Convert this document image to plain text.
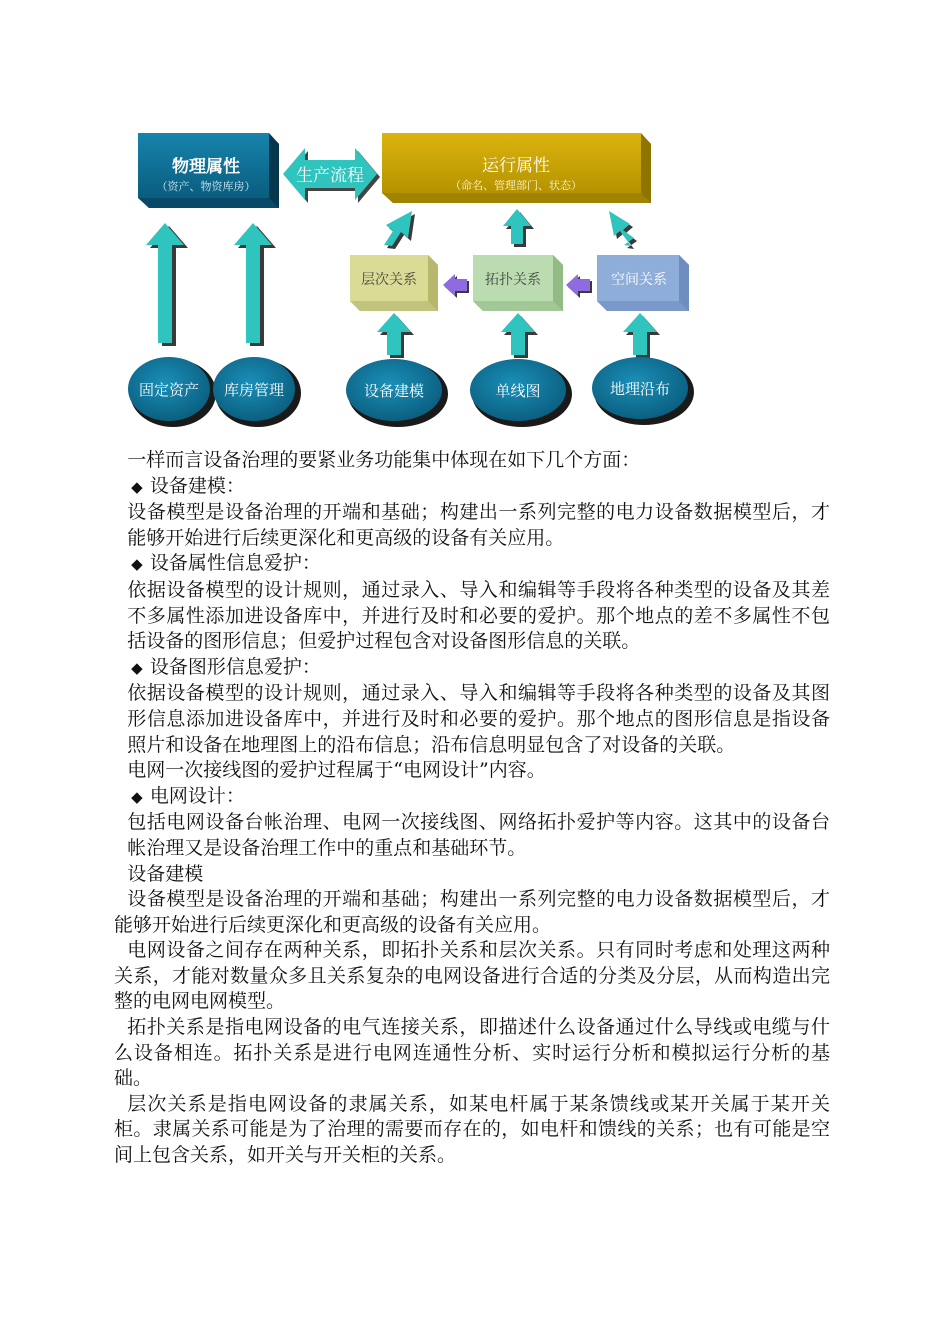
物理属性
（资产、物资库房）
生产流程	运行属性
（命名、管理部门、状态）
层次关系	拓扑关系	空间关系
固定资产 库房管理	设备建模	单线图	地理沿布

一样而言设备治理的要紧业务功能集中体现在如下几个方面：

◆ 设备建模：

设备模型是设备治理的开端和基础；构建出一系列完整的电力设备数据模型后，才能够开始进行后续更深化和更高级的设备有关应用。

◆ 设备属性信息爱护：

依据设备模型的设计规则，通过录入、导入和编辑等手段将各种类型的设备及其差不多属性添加进设备库中，并进行及时和必要的爱护。那个地点的差不多属性不包括设备的图形信息；但爱护过程包含对设备图形信息的关联。

◆ 设备图形信息爱护：

依据设备模型的设计规则，通过录入、导入和编辑等手段将各种类型的设备及其图形信息添加进设备库中，并进行及时和必要的爱护。那个地点的图形信息是指设备照片和设备在地理图上的沿布信息；沿布信息明显包含了对设备的关联。

电网一次接线图的爱护过程属于“电网设计”内容。

◆ 电网设计：

包括电网设备台帐治理、电网一次接线图、网络拓扑爱护等内容。这其中的设备台帐治理又是设备治理工作中的重点和基础环节。

设备建模

设备模型是设备治理的开端和基础；构建出一系列完整的电力设备数据模型后，才能够开始进行后续更深化和更高级的设备有关应用。

电网设备之间存在两种关系，即拓扑关系和层次关系。只有同时考虑和处理这两种关系，才能对数量众多且关系复杂的电网设备进行合适的分类及分层，从而构造出完整的电网电网模型。

拓扑关系是指电网设备的电气连接关系，即描述什么设备通过什么导线或电缆与什么设备相连。拓扑关系是进行电网连通性分析、实时运行分析和模拟运行分析的基础。

层次关系是指电网设备的隶属关系，如某电杆属于某条馈线或某开关属于某开关柜。隶属关系可能是为了治理的需要而存在的，如电杆和馈线的关系；也有可能是空间上包含关系，如开关与开关柜的关系。
